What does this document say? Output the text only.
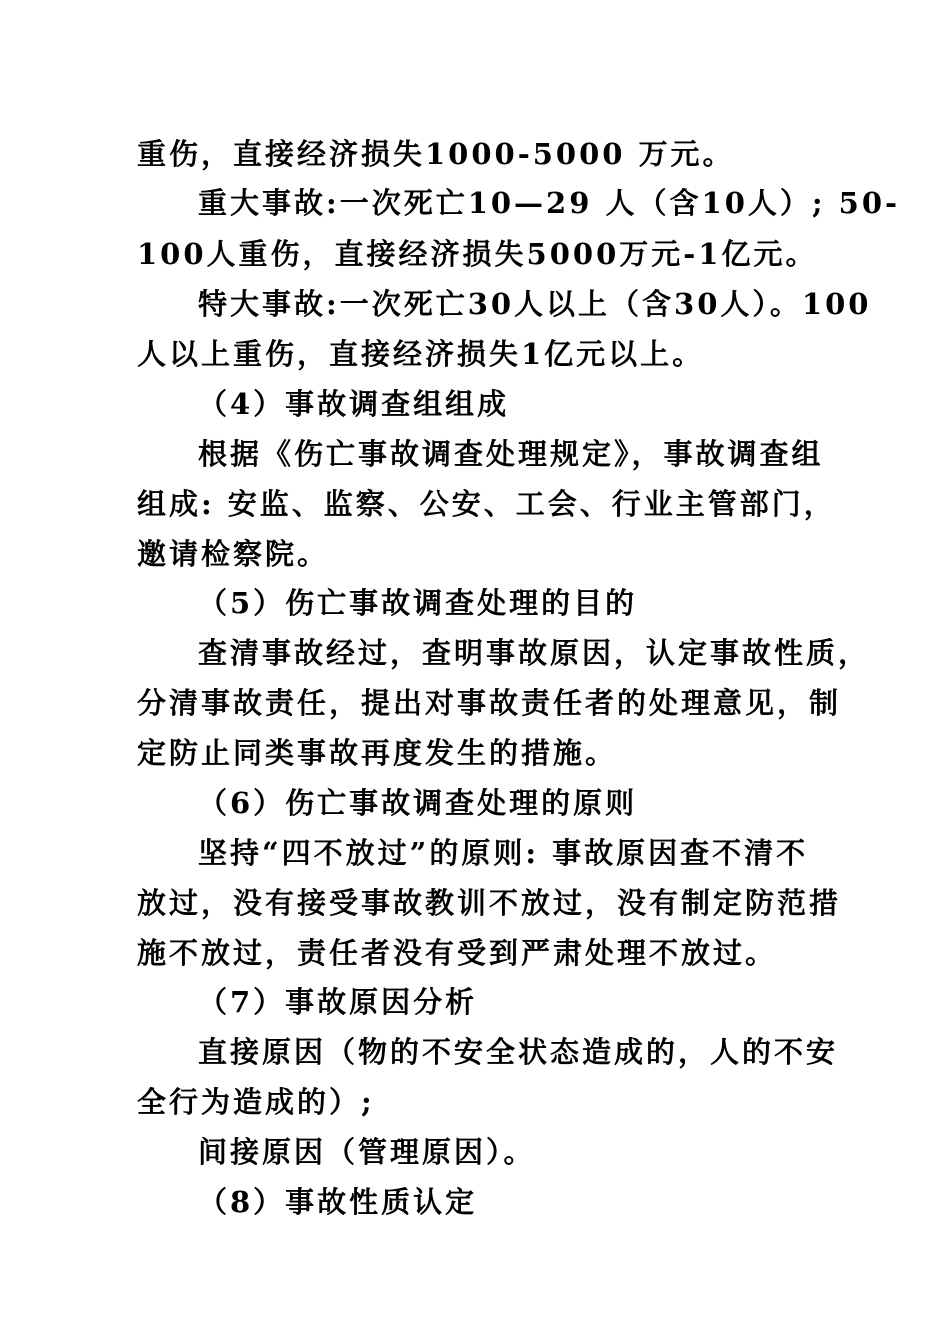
重伤，直接经济损失1000-5000 万元。
重大事故:一次死亡10—29 人（含10人）; 50-
100人重伤，直接经济损失5000万元-1亿元。
特大事故:一次死亡30人以上（含30人）。100
人以上重伤，直接经济损失1亿元以上。
（4）事故调查组组成
根据《伤亡事故调查处理规定》，事故调查组
组成: 安监、监察、公安、工会、行业主管部门，
邀请检察院。
（5）伤亡事故调查处理的目的
查清事故经过，查明事故原因，认定事故性质，
分清事故责任，提出对事故责任者的处理意见，制
定防止同类事故再度发生的措施。
（6）伤亡事故调查处理的原则
坚持“四不放过”的原则: 事故原因查不清不
放过，没有接受事故教训不放过，没有制定防范措
施不放过，责任者没有受到严肃处理不放过。
（7）事故原因分析
直接原因（物的不安全状态造成的，人的不安
全行为造成的）;
间接原因（管理原因）。
（8）事故性质认定
